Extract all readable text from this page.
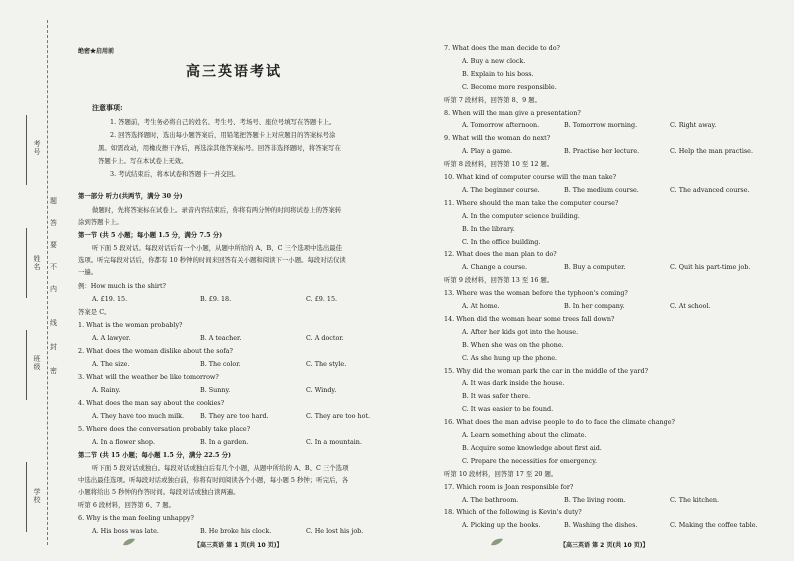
考号
姓名
班级
学校
题
答
要
不
内
线
封
密
绝密★启用前
高三英语考试
注意事项:
1. 答题前，考生务必将自己的姓名、考生号、考场号、座位号填写在答题卡上。
2. 回答选择题时，选出每小题答案后，用铅笔把答题卡上对应题目的答案标号涂
黑。如需改动，用橡皮擦干净后，再选涂其他答案标号。回答非选择题时，将答案写在
答题卡上。写在本试卷上无效。
3. 考试结束后，将本试卷和答题卡一并交回。
第一部分 听力(共两节，满分 30 分)
做题时，先将答案标在试卷上。录音内容结束后，你将有两分钟的时间将试卷上的答案转
涂到答题卡上。
第一节 (共 5 小题；每小题 1.5 分，满分 7.5 分)
听下面 5 段对话。每段对话后有一个小题，从题中所给的 A、B、C 三个选项中选出最佳
选项。听完每段对话后，你都有 10 秒钟的时间来回答有关小题和阅读下一小题。每段对话仅读
一遍。
例：How much is the shirt?
A. £19. 15.	B. £9. 18.	C. £9. 15.
答案是 C。
1. What is the woman probably?
A. A lawyer.	B. A teacher.	C. A doctor.
2. What does the woman dislike about the sofa?
A. The size.	B. The color.	C. The style.
3. What will the weather be like tomorrow?
A. Rainy.	B. Sunny.	C. Windy.
4. What does the man say about the cookies?
A. They have too much milk. B. They are too hard.	C. They are too hot.
5. Where does the conversation probably take place?
A. In a flower shop.	B. In a garden.	C. In a mountain.
第二节 (共 15 小题；每小题 1.5 分，满分 22.5 分)
听下面 5 段对话或独白。每段对话或独白后有几个小题，从题中所给的 A、B、C 三个选项
中选出最佳选项。听每段对话或独白前，你将有时间阅读各个小题，每小题 5 秒钟；听完后，各
小题将给出 5 秒钟的作答时间。每段对话或独白读两遍。
听第 6 段材料，回答第 6、7 题。
6. Why is the man feeling unhappy?
A. His boss was late.	B. He broke his clock.	C. He lost his job.
【高三英语 第 1 页(共 10 页)】
7. What does the man decide to do?
A. Buy a new clock.
B. Explain to his boss.
C. Become more responsible.
听第 7 段材料，回答第 8、9 题。
8. When will the man give a presentation?
A. Tomorrow afternoon.	B. Tomorrow morning.	C. Right away.
9. What will the woman do next?
A. Play a game.	B. Practise her lecture.	C. Help the man practise.
听第 8 段材料，回答第 10 至 12 题。
10. What kind of computer course will the man take?
A. The beginner course.	B. The medium course.	C. The advanced course.
11. Where should the man take the computer course?
A. In the computer science building.
B. In the library.
C. In the office building.
12. What does the man plan to do?
A. Change a course.	B. Buy a computer.	C. Quit his part-time job.
听第 9 段材料，回答第 13 至 16 题。
13. Where was the woman before the typhoon's coming?
A. At home.	B. In her company.	C. At school.
14. When did the woman hear some trees fall down?
A. After her kids got into the house.
B. When she was on the phone.
C. As she hung up the phone.
15. Why did the woman park the car in the middle of the yard?
A. It was dark inside the house.
B. It was safer there.
C. It was easier to be found.
16. What does the man advise people to do to face the climate change?
A. Learn something about the climate.
B. Acquire some knowledge about first aid.
C. Prepare the necessities for emergency.
听第 10 段材料，回答第 17 至 20 题。
17. Which room is Joan responsible for?
A. The bathroom.	B. The living room.	C. The kitchen.
18. Which of the following is Kevin's duty?
A. Picking up the books.	B. Washing the dishes.	C. Making the coffee table.
【高三英语 第 2 页(共 10 页)】
